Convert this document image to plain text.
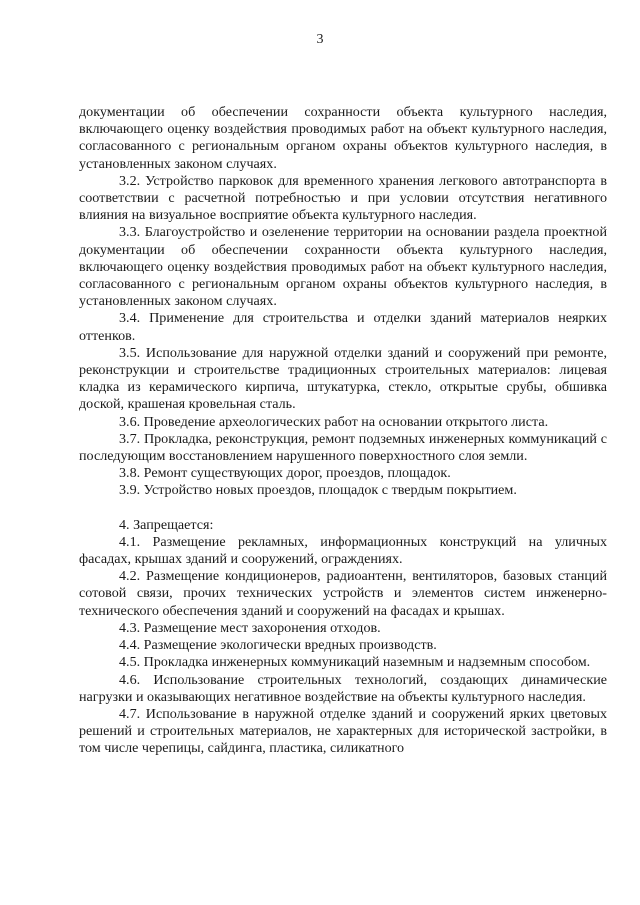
3

документации об обеспечении сохранности объекта культурного наследия, включающего оценку воздействия проводимых работ на объект культурного наследия, согласованного с региональным органом охраны объектов культурного наследия, в установленных законом случаях.

3.2. Устройство парковок для временного хранения легкового автотранспорта в соответствии с расчетной потребностью и при условии отсутствия негативного влияния на визуальное восприятие объекта культурного наследия.

3.3. Благоустройство и озеленение территории на основании раздела проектной документации об обеспечении сохранности объекта культурного наследия, включающего оценку воздействия проводимых работ на объект культурного наследия, согласованного с региональным органом охраны объектов культурного наследия, в установленных законом случаях.

3.4. Применение для строительства и отделки зданий материалов неярких оттенков.

3.5. Использование для наружной отделки зданий и сооружений при ремонте, реконструкции и строительстве традиционных строительных материалов: лицевая кладка из керамического кирпича, штукатурка, стекло, открытые срубы, обшивка доской, крашеная кровельная сталь.

3.6. Проведение археологических работ на основании открытого листа.

3.7. Прокладка, реконструкция, ремонт подземных инженерных коммуникаций с последующим восстановлением нарушенного поверхностного слоя земли.

3.8. Ремонт существующих дорог, проездов, площадок.

3.9. Устройство новых проездов, площадок с твердым покрытием.

4. Запрещается:

4.1. Размещение рекламных, информационных конструкций на уличных фасадах, крышах зданий и сооружений, ограждениях.

4.2. Размещение кондиционеров, радиоантенн, вентиляторов, базовых станций сотовой связи, прочих технических устройств и элементов систем инженерно-технического обеспечения зданий и сооружений на фасадах и крышах.

4.3. Размещение мест захоронения отходов.

4.4. Размещение экологически вредных производств.

4.5. Прокладка инженерных коммуникаций наземным и надземным способом.

4.6. Использование строительных технологий, создающих динамические нагрузки и оказывающих негативное воздействие на объекты культурного наследия.

4.7. Использование в наружной отделке зданий и сооружений ярких цветовых решений и строительных материалов, не характерных для исторической застройки, в том числе черепицы, сайдинга, пластика, силикатного
